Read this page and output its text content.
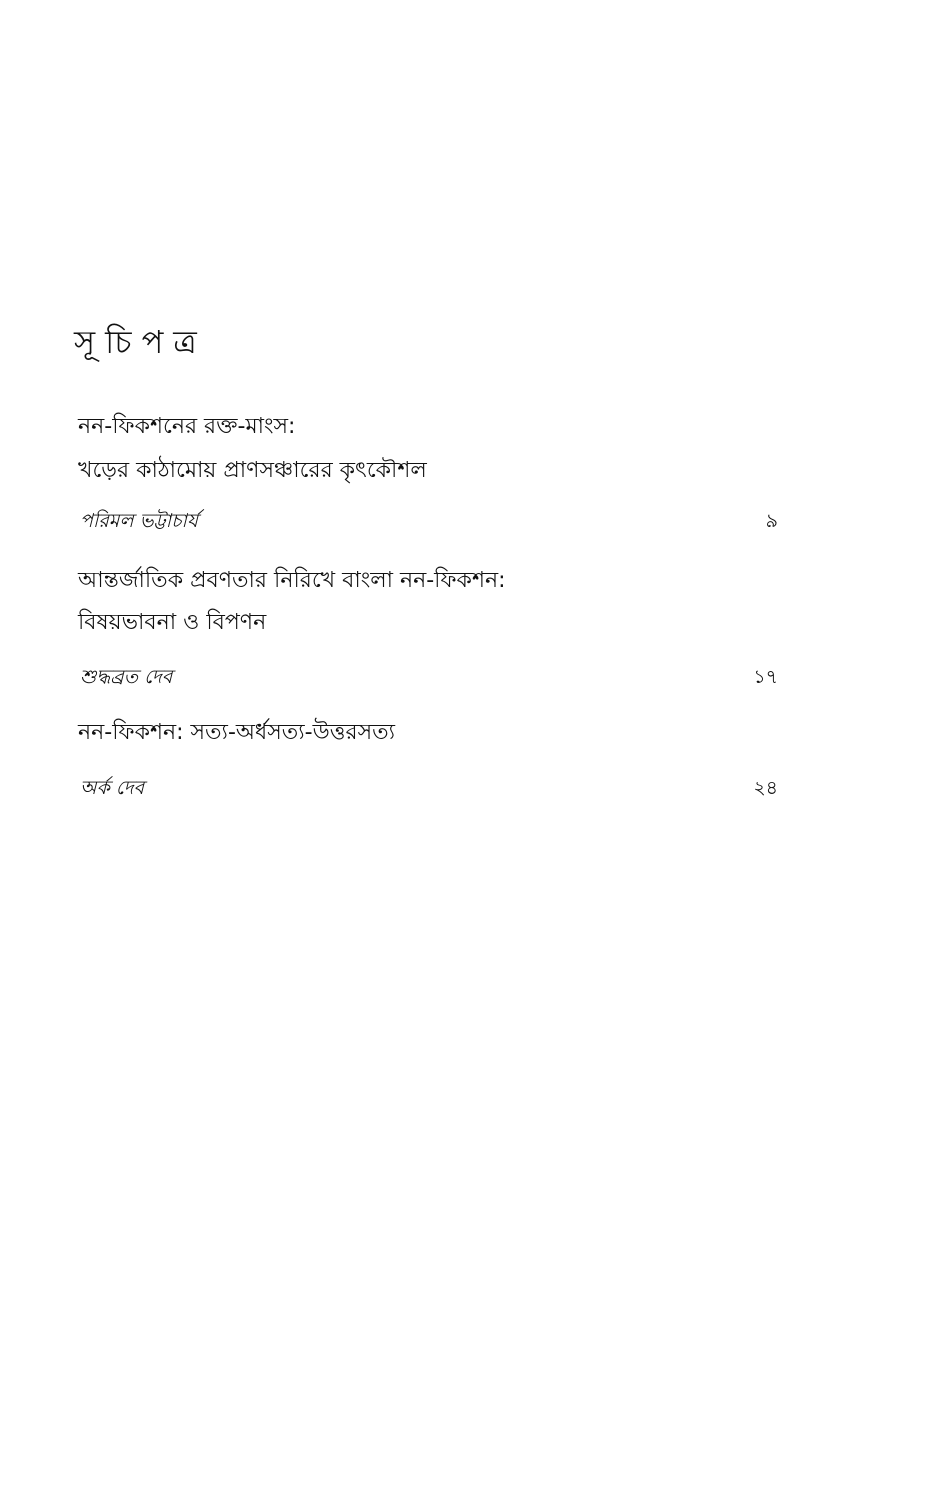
সূচিপত্র

নন-ফিকশনের রক্ত-মাংস:

খড়ের কাঠামোয় প্রাণসঞ্চারের কৃৎকৌশল

পরিমল ভট্টাচার্য	৯

আন্তর্জাতিক প্রবণতার নিরিখে বাংলা নন-ফিকশন:

বিষয়ভাবনা ও বিপণন

শুদ্ধব্রত দেব	১৭

নন-ফিকশন: সত্য-অর্ধসত্য-উত্তরসত্য

অর্ক দেব	২৪
